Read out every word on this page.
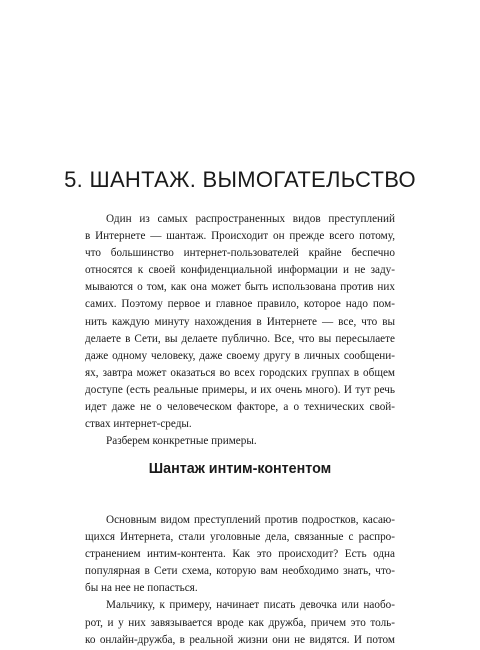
5. ШАНТАЖ. ВЫМОГАТЕЛЬСТВО

Один из самых распространенных видов преступлений
в Интернете — шантаж. Происходит он прежде всего потому,
что большинство интернет-пользователей крайне беспечно
относятся к своей конфиденциальной информации и не заду-
мываются о том, как она может быть использована против них
самих. Поэтому первое и главное правило, которое надо пом-
нить каждую минуту нахождения в Интернете — все, что вы
делаете в Сети, вы делаете публично. Все, что вы пересылаете
даже одному человеку, даже своему другу в личных сообщени-
ях, завтра может оказаться во всех городских группах в общем
доступе (есть реальные примеры, и их очень много). И тут речь
идет даже не о человеческом факторе, а о технических свой-
ствах интернет-среды.

Разберем конкретные примеры.

Шантаж интим-контентом

Основным видом преступлений против подростков, касаю-
щихся Интернета, стали уголовные дела, связанные с распро-
странением интим-контента. Как это происходит? Есть одна
популярная в Сети схема, которую вам необходимо знать, что-
бы на нее не попасться.

Мальчику, к примеру, начинает писать девочка или наобо-
рот, и у них завязывается вроде как дружба, причем это толь-
ко онлайн-дружба, в реальной жизни они не видятся. И потом
